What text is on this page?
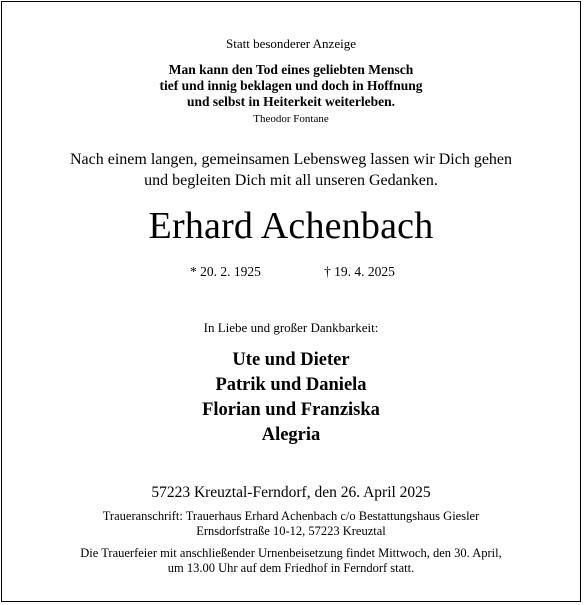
Statt besonderer Anzeige
Man kann den Tod eines geliebten Mensch
tief und innig beklagen und doch in Hoffnung
und selbst in Heiterkeit weiterleben.
Theodor Fontane
Nach einem langen, gemeinsamen Lebensweg lassen wir Dich gehen
und begleiten Dich mit all unseren Gedanken.
Erhard Achenbach
* 20. 2. 1925	† 19. 4. 2025
In Liebe und großer Dankbarkeit:
Ute und Dieter
Patrik und Daniela
Florian und Franziska
Alegria
57223 Kreuztal-Ferndorf, den 26. April 2025
Traueranschrift: Trauerhaus Erhard Achenbach c/o Bestattungshaus Giesler
Ernsdorfstraße 10-12, 57223 Kreuztal
Die Trauerfeier mit anschließender Urnenbeisetzung findet Mittwoch, den 30. April,
um 13.00 Uhr auf dem Friedhof in Ferndorf statt.
